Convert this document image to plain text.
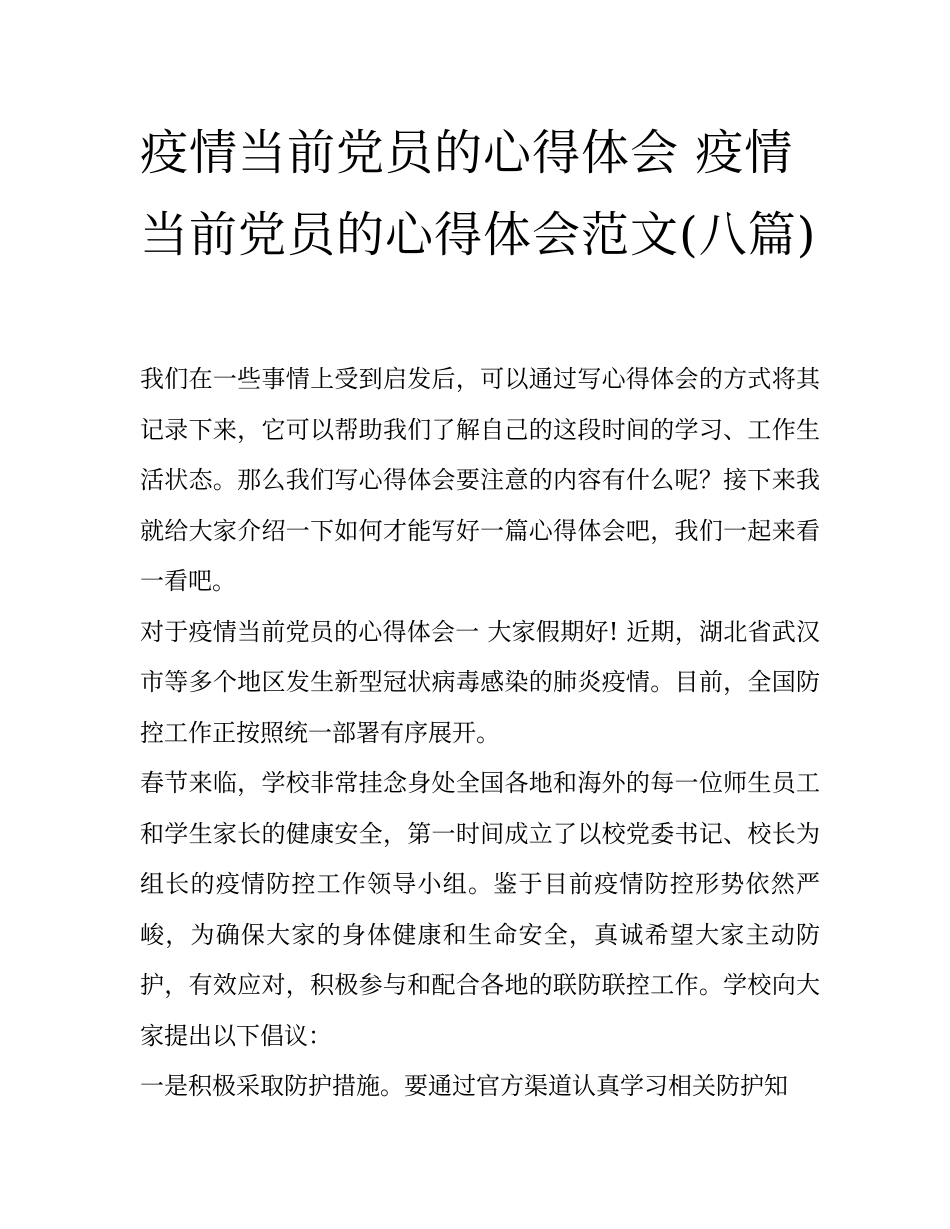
疫情当前党员的心得体会 疫情当前党员的心得体会范文(八篇)

我们在一些事情上受到启发后，可以通过写心得体会的方式将其记录下来，它可以帮助我们了解自己的这段时间的学习、工作生活状态。那么我们写心得体会要注意的内容有什么呢？接下来我就给大家介绍一下如何才能写好一篇心得体会吧，我们一起来看一看吧。

对于疫情当前党员的心得体会一 大家假期好! 近期，湖北省武汉市等多个地区发生新型冠状病毒感染的肺炎疫情。目前，全国防控工作正按照统一部署有序展开。

春节来临，学校非常挂念身处全国各地和海外的每一位师生员工和学生家长的健康安全，第一时间成立了以校党委书记、校长为组长的疫情防控工作领导小组。鉴于目前疫情防控形势依然严峻，为确保大家的身体健康和生命安全，真诚希望大家主动防护，有效应对，积极参与和配合各地的联防联控工作。学校向大家提出以下倡议：

一是积极采取防护措施。要通过官方渠道认真学习相关防护知
